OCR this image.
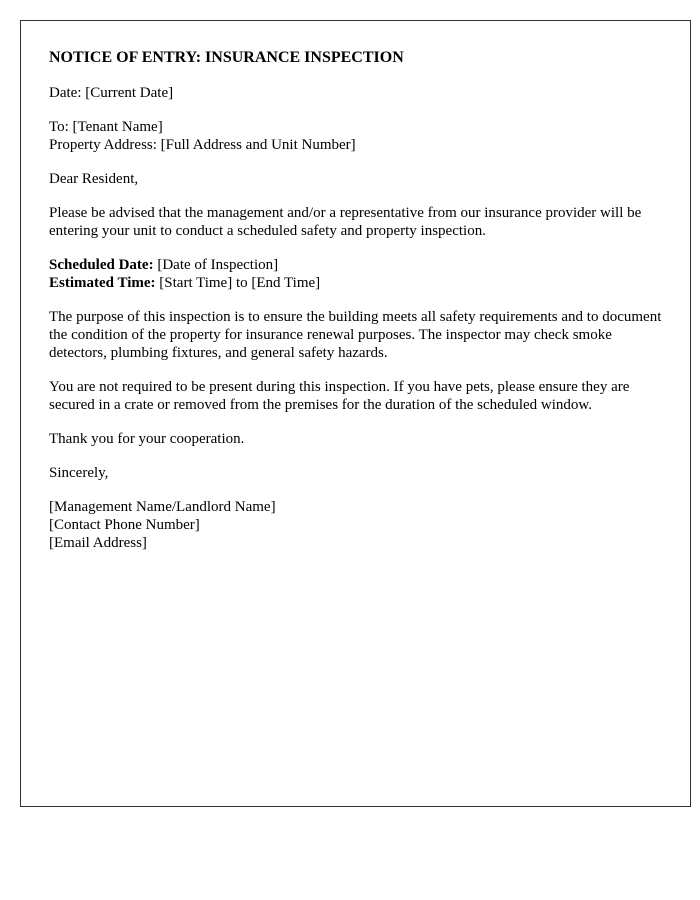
NOTICE OF ENTRY: INSURANCE INSPECTION

Date: [Current Date]

To: [Tenant Name]
Property Address: [Full Address and Unit Number]

Dear Resident,

Please be advised that the management and/or a representative from our insurance provider will be entering your unit to conduct a scheduled safety and property inspection.

Scheduled Date: [Date of Inspection]
Estimated Time: [Start Time] to [End Time]

The purpose of this inspection is to ensure the building meets all safety requirements and to document the condition of the property for insurance renewal purposes. The inspector may check smoke detectors, plumbing fixtures, and general safety hazards.

You are not required to be present during this inspection. If you have pets, please ensure they are secured in a crate or removed from the premises for the duration of the scheduled window.

Thank you for your cooperation.

Sincerely,

[Management Name/Landlord Name]
[Contact Phone Number]
[Email Address]
